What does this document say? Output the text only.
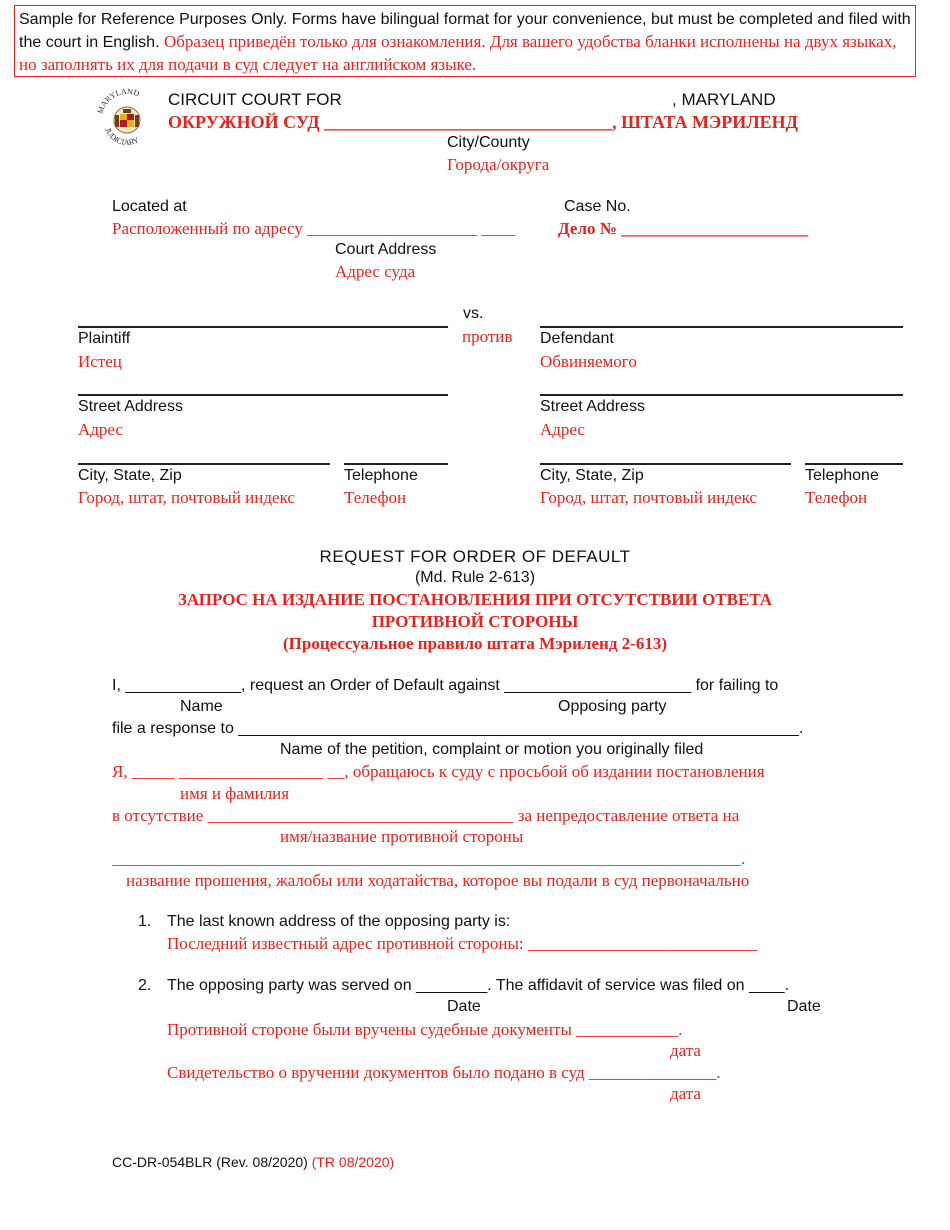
Sample for Reference Purposes Only. Forms have bilingual format for your convenience, but must be completed and filed with the court in English. Образец приведён только для ознакомления. Для вашего удобства бланки исполнены на двух языках, но заполнять их для подачи в суд следует на английском языке.
MARYLAND
JUDICIARY
CIRCUIT COURT FOR	, MARYLAND
ОКРУЖНОЙ СУД ________________________________, ШТАТА МЭРИЛЕНД
City/County
Города/округа
Located at
Расположенный по адресу ____________________ ____
Case No.
Дело № ______________________
Court Address
Адрес суда
vs.
против
Plaintiff
Истец
Defendant
Обвиняемого
Street Address
Адрес
Street Address
Адрес
City, State, Zip
Город, штат, почтовый индекс
Telephone
Телефон
City, State, Zip
Город, штат, почтовый индекс
Telephone
Телефон
REQUEST FOR ORDER OF DEFAULT
(Md. Rule 2-613)
ЗАПРОС НА ИЗДАНИЕ ПОСТАНОВЛЕНИЯ ПРИ ОТСУТСТВИИ ОТВЕТА
ПРОТИВНОЙ СТОРОНЫ
(Процессуальное правило штата Мэриленд 2-613)
I, _____________, request an Order of Default against _____________________ for failing to
Name	Opposing party
file a response to _______________________________________________________________.
Name of the petition, complaint or motion you originally filed
Я, _____ _________________ __, обращаюсь к суду с просьбой об издании постановления
имя и фамилия
в отсутствие ____________________________________ за непредоставление ответа на
имя/название противной стороны
__________________________________________________________________________.
название прошения, жалобы или ходатайства, которое вы подали в суд первоначально
1. The last known address of the opposing party is:
Последний известный адрес противной стороны: ___________________________
2. The opposing party was served on ________. The affidavit of service was filed on ____.
Date	Date
Противной стороне были вручены судебные документы ____________.
дата
Свидетельство о вручении документов было подано в суд _______________.
дата
CC-DR-054BLR (Rev. 08/2020) (TR 08/2020)
